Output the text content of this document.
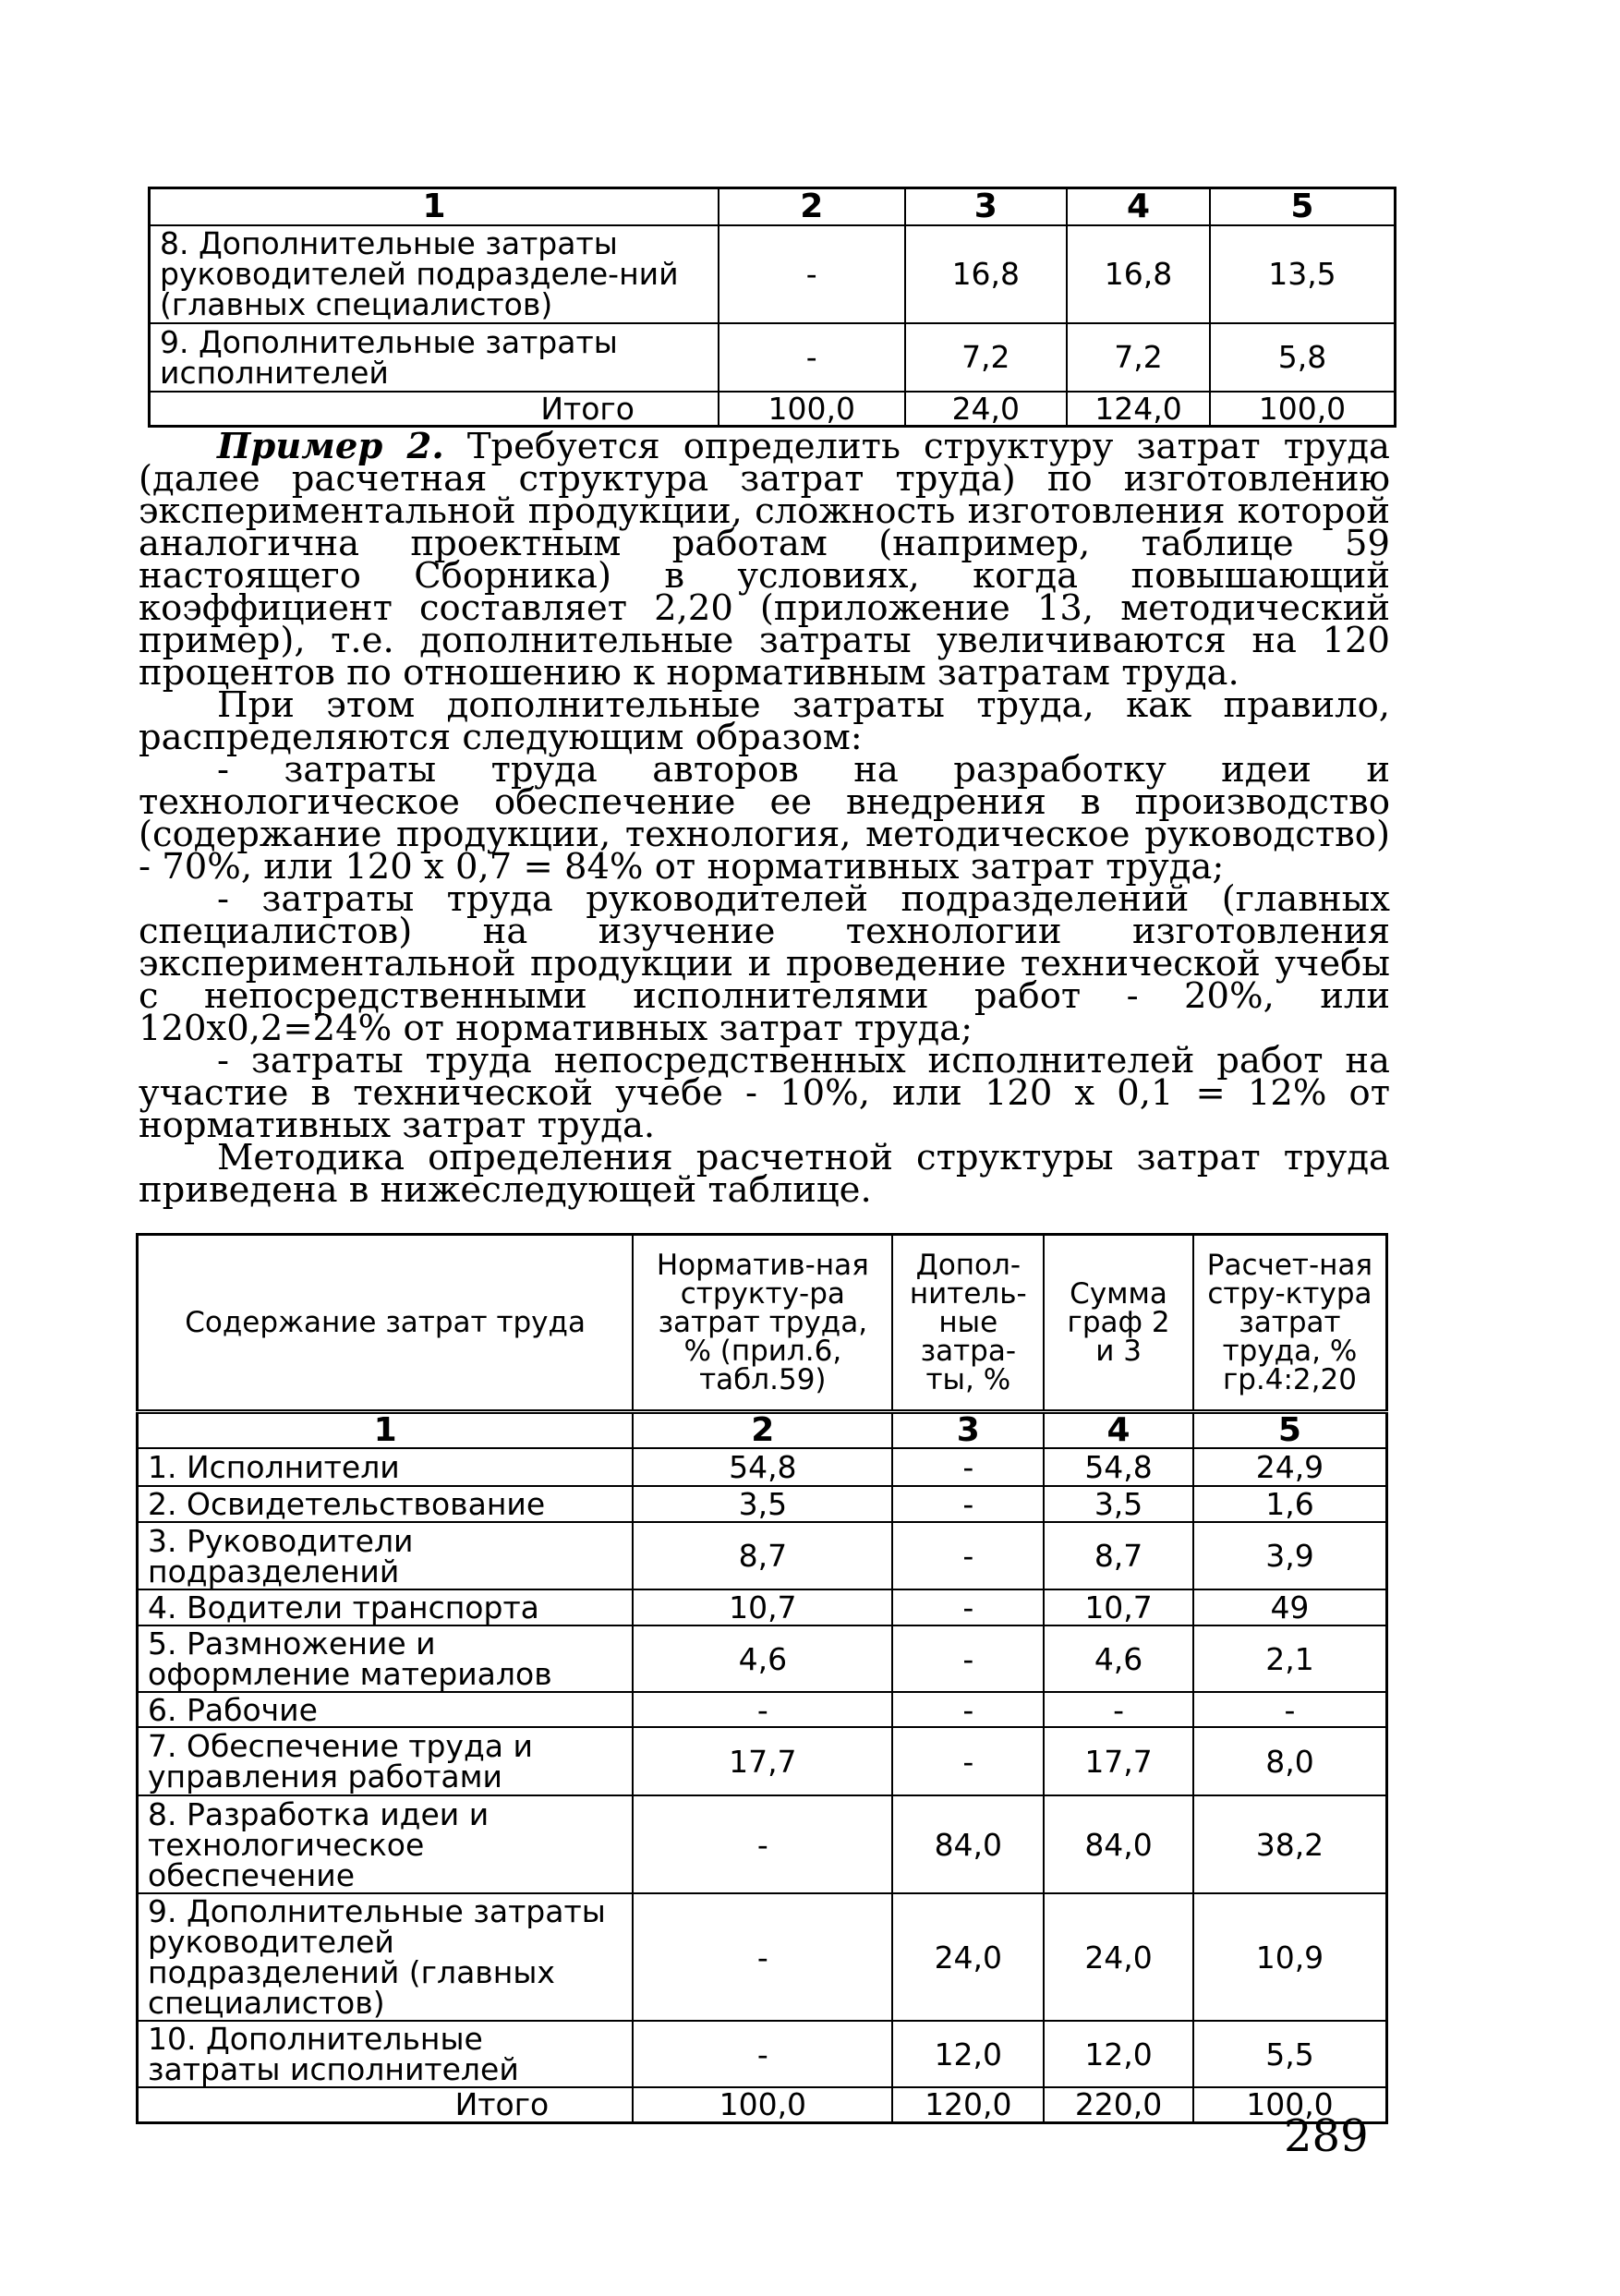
1	2	3	4	5
8. Дополнительные затраты руководителей подразделе-ний (главных специалистов)	-	16,8	16,8	13,5
9. Дополнительные затраты исполнителей	-	7,2	7,2	5,8
Итого	100,0	24,0	124,0	100,0

Пример 2. Требуется определить структуру затрат труда (далее расчетная структура затрат труда) по изготовлению экспериментальной продукции, сложность изготовления которой аналогична проектным работам (например, таблице 59 настоящего Сборника) в условиях, когда повышающий коэффициент составляет 2,20 (приложение 13, методический пример), т.е. дополнительные затраты увеличиваются на 120 процентов по отношению к нормативным затратам труда.

При этом дополнительные затраты труда, как правило, распределяются следующим образом:

- затраты труда авторов на разработку идеи и технологическое обеспечение ее внедрения в производство (содержание продукции, технология, методическое руководство) - 70%, или 120 х 0,7 = 84% от нормативных затрат труда;

- затраты труда руководителей подразделений (главных специалистов) на изучение технологии изготовления экспериментальной продукции и проведение технической учебы с непосредственными исполнителями работ - 20%, или 120х0,2=24% от нормативных затрат труда;

- затраты труда непосредственных исполнителей работ на участие в технической учебе - 10%, или 120 х 0,1 = 12% от нормативных затрат труда.

Методика определения расчетной структуры затрат труда приведена в нижеследующей таблице.

Содержание затрат труда	Норматив-ная структу-ра затрат труда, % (прил.6, табл.59)	Допол-нитель-ные затра-ты, %	Сумма граф 2 и 3	Расчет-ная стру-ктура затрат труда, % гр.4:2,20
1	2	3	4	5
1. Исполнители	54,8	-	54,8	24,9
2. Освидетельствование	3,5	-	3,5	1,6
3. Руководители подразделений	8,7	-	8,7	3,9
4. Водители транспорта	10,7	-	10,7	49
5. Размножение и оформление материалов	4,6	-	4,6	2,1
6. Рабочие	-	-	-	-
7. Обеспечение труда и управления работами	17,7	-	17,7	8,0
8. Разработка идеи и технологическое обеспечение	-	84,0	84,0	38,2
9. Дополнительные затраты руководителей подразделений (главных специалистов)	-	24,0	24,0	10,9
10. Дополнительные затраты исполнителей	-	12,0	12,0	5,5
Итого	100,0	120,0	220,0	100,0
289
